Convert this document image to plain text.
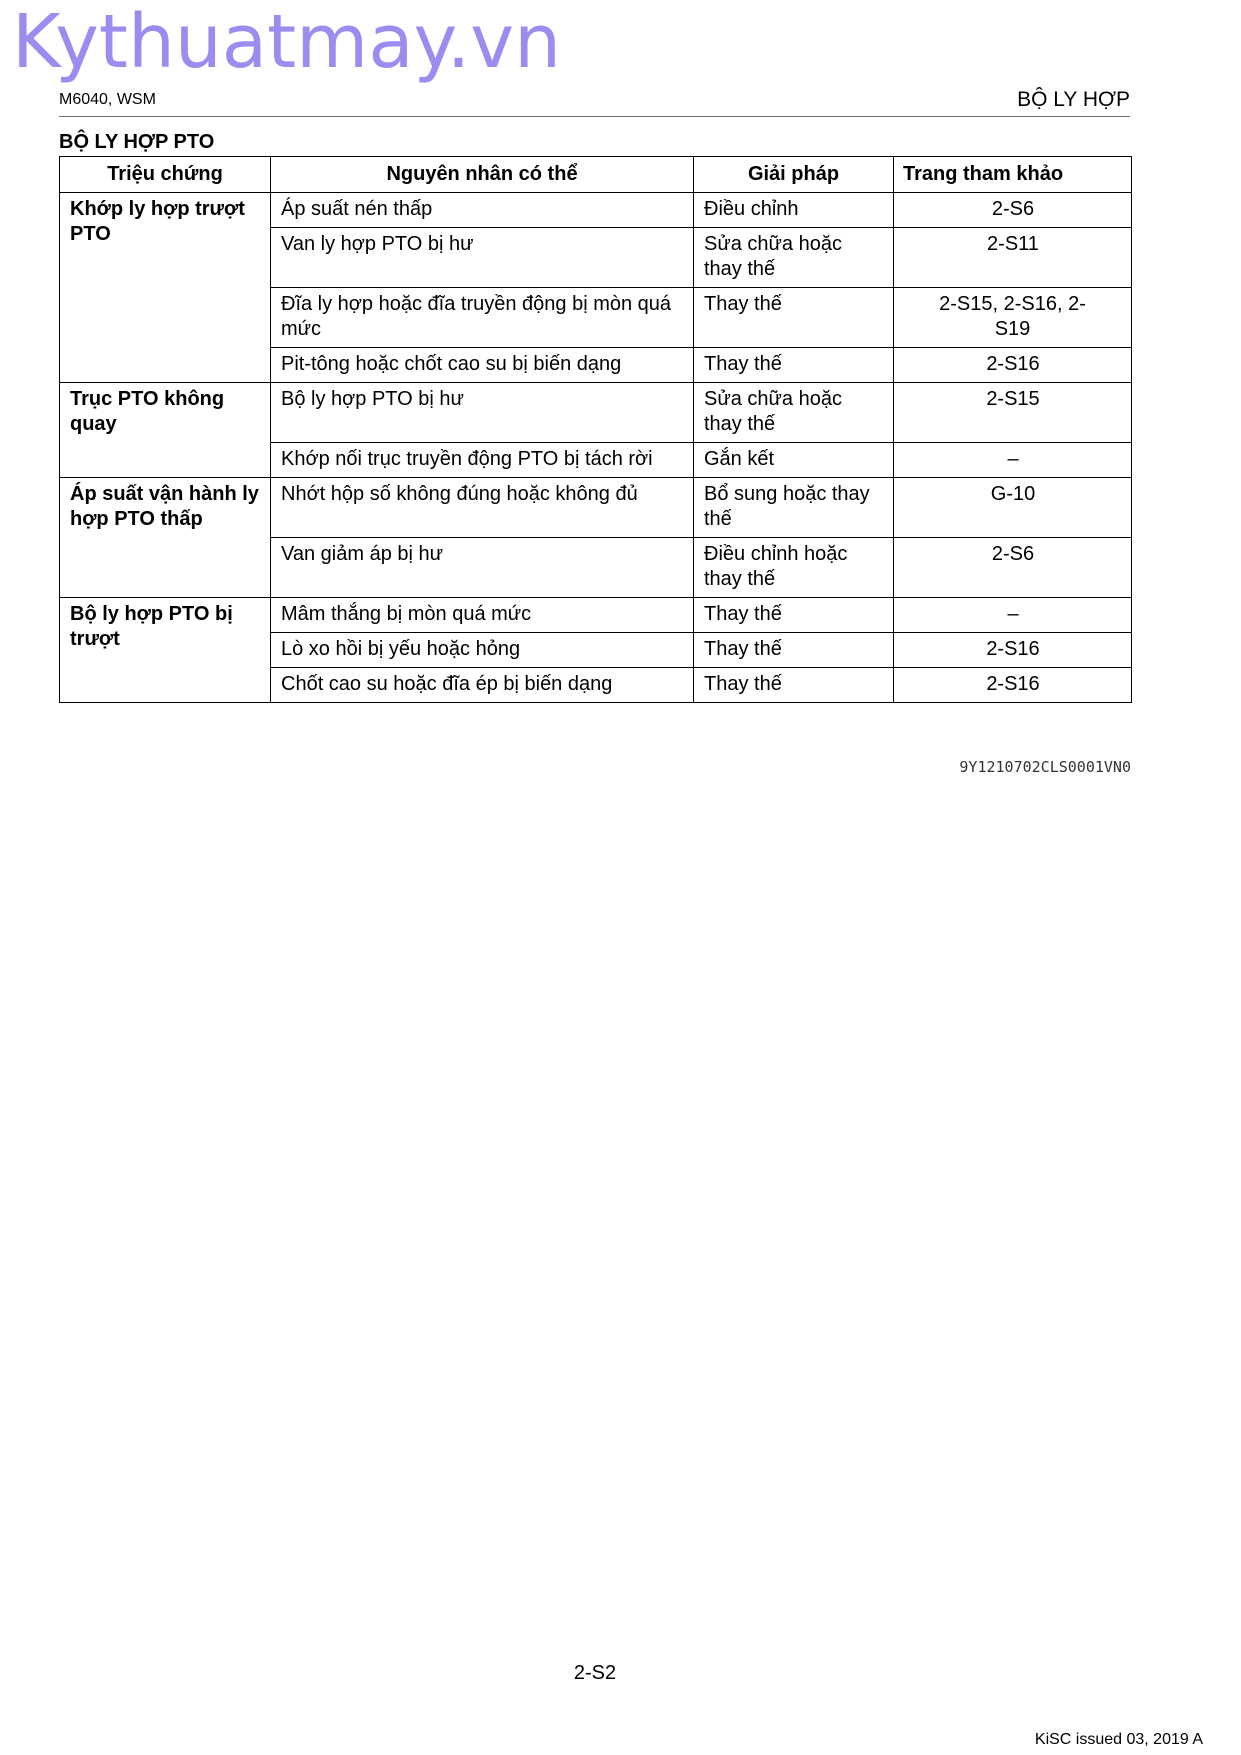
Kythuatmay.vn
M6040, WSM	BỘ LY HỢP
BỘ LY HỢP PTO
Triệu chứng	Nguyên nhân có thể	Giải pháp	Trang tham khảo
Khớp ly hợp trượt PTO	Áp suất nén thấp	Điều chỉnh	2-S6
	Van ly hợp PTO bị hư	Sửa chữa hoặc thay thế	2-S11
	Đĩa ly hợp hoặc đĩa truyền động bị mòn quá mức	Thay thế	2-S15, 2-S16, 2-S19
	Pit-tông hoặc chốt cao su bị biến dạng	Thay thế	2-S16
Trục PTO không quay	Bộ ly hợp PTO bị hư	Sửa chữa hoặc thay thế	2-S15
	Khớp nối trục truyền động PTO bị tách rời	Gắn kết	–
Áp suất vận hành ly hợp PTO thấp	Nhớt hộp số không đúng hoặc không đủ	Bổ sung hoặc thay thế	G-10
	Van giảm áp bị hư	Điều chỉnh hoặc thay thế	2-S6
Bộ ly hợp PTO bị trượt	Mâm thắng bị mòn quá mức	Thay thế	–
	Lò xo hồi bị yếu hoặc hỏng	Thay thế	2-S16
	Chốt cao su hoặc đĩa ép bị biến dạng	Thay thế	2-S16
9Y1210702CLS0001VN0
2-S2
KiSC issued 03, 2019 A
